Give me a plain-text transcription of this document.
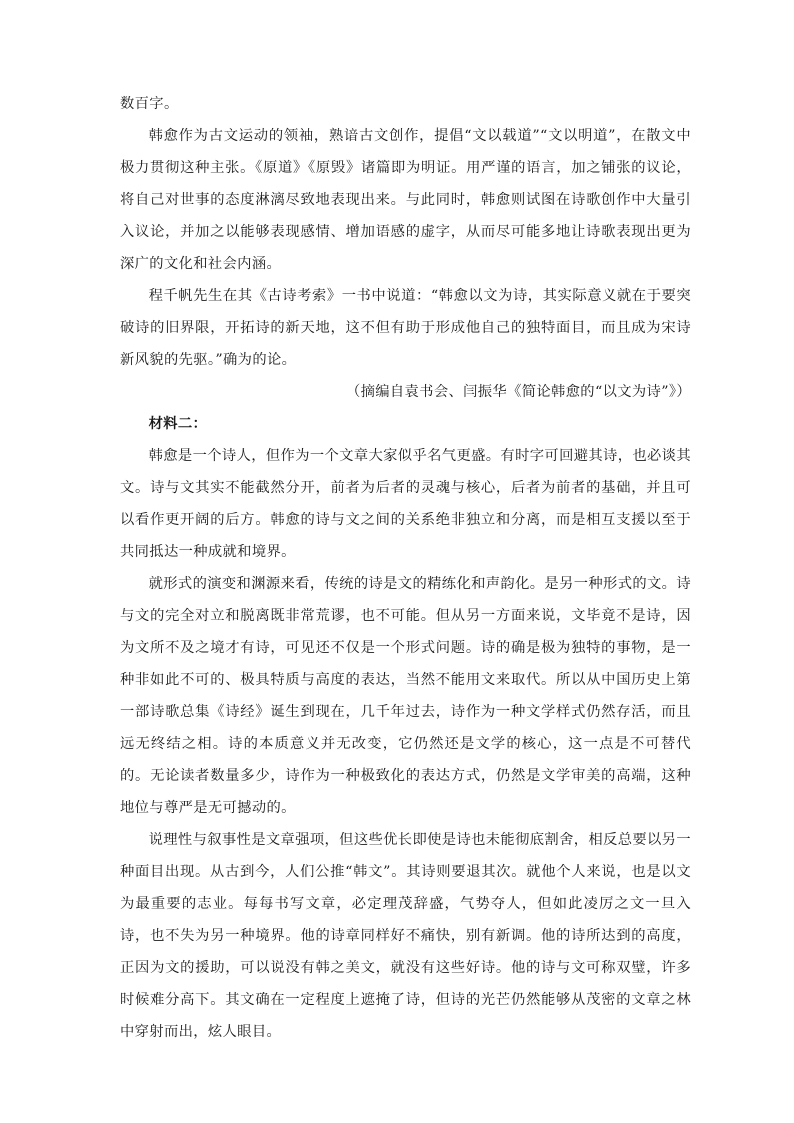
数百字。

韩愈作为古文运动的领袖，熟谙古文创作，提倡“文以载道”“文以明道”，在散文中极力贯彻这种主张。《原道》《原毁》诸篇即为明证。用严谨的语言，加之铺张的议论，将自己对世事的态度淋漓尽致地表现出来。与此同时，韩愈则试图在诗歌创作中大量引入议论，并加之以能够表现感情、增加语感的虚字，从而尽可能多地让诗歌表现出更为深广的文化和社会内涵。

程千帆先生在其《古诗考索》一书中说道：“韩愈以文为诗，其实际意义就在于要突破诗的旧界限，开拓诗的新天地，这不但有助于形成他自己的独特面目，而且成为宋诗新风貌的先驱。”确为的论。

（摘编自袁书会、闫振华《简论韩愈的“以文为诗”》）

材料二：

韩愈是一个诗人，但作为一个文章大家似乎名气更盛。有时字可回避其诗，也必谈其文。诗与文其实不能截然分开，前者为后者的灵魂与核心，后者为前者的基础，并且可以看作更开阔的后方。韩愈的诗与文之间的关系绝非独立和分离，而是相互支援以至于共同抵达一种成就和境界。

就形式的演变和渊源来看，传统的诗是文的精练化和声韵化。是另一种形式的文。诗与文的完全对立和脱离既非常荒谬，也不可能。但从另一方面来说，文毕竟不是诗，因为文所不及之境才有诗，可见还不仅是一个形式问题。诗的确是极为独特的事物，是一种非如此不可的、极具特质与高度的表达，当然不能用文来取代。所以从中国历史上第一部诗歌总集《诗经》诞生到现在，几千年过去，诗作为一种文学样式仍然存活，而且远无终结之相。诗的本质意义并无改变，它仍然还是文学的核心，这一点是不可替代的。无论读者数量多少，诗作为一种极致化的表达方式，仍然是文学审美的高端，这种地位与尊严是无可撼动的。

说理性与叙事性是文章强项，但这些优长即使是诗也未能彻底割舍，相反总要以另一种面目出现。从古到今，人们公推“韩文”。其诗则要退其次。就他个人来说，也是以文为最重要的志业。每每书写文章，必定理茂辞盛，气势夺人，但如此凌厉之文一旦入诗，也不失为另一种境界。他的诗章同样好不痛快，别有新调。他的诗所达到的高度，正因为文的援助，可以说没有韩之美文，就没有这些好诗。他的诗与文可称双璧，许多时候难分高下。其文确在一定程度上遮掩了诗，但诗的光芒仍然能够从茂密的文章之林中穿射而出，炫人眼目。
